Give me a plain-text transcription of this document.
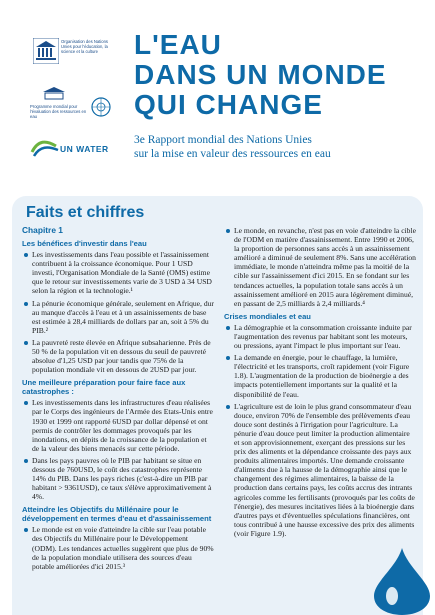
Organisation des Nations Unies pour l'éducation, la science et la culture
Programme mondial pour l'évaluation des ressources en eau
UN WATER
L'EAU
DANS UN MONDE
QUI CHANGE
3e Rapport mondial des Nations Unies
sur la mise en valeur des ressources en eau
Faits et chiffres
Chapitre 1
Les bénéfices d'investir dans l'eau
Les investissements dans l'eau possible et l'assainissement contribuent à la croissance économique. Pour 1 USD investi, l'Organisation Mondiale de la Santé (OMS) estime que le retour sur investissements varie de 3 USD à 34 USD selon la région et la technologie.¹
La pénurie économique générale, seulement en Afrique, dur au manque d'accès à l'eau et à un assainissements de base est estimée à 28,4 milliards de dollars par an, soit à 5% du PIB.²
La pauvreté reste élevée en Afrique subsaharienne. Près de 50 % de la population vit en dessous du seuil de pauvreté absolue d'1,25 USD par jour tandis que 75% de la population mondiale vit en dessous de 2USD par jour.
Une meilleure préparation pour faire face aux catastrophes :
Les investissements dans les infrastructures d'eau réalisées par le Corps des ingénieurs de l'Armée des Etats-Unis entre 1930 et 1999 ont rapporté 6USD par dollar dépensé et ont permis de contrôler les dommages provoqués par les inondations, en dépits de la croissance de la population et de la valeur des biens menacés sur cette période.
Dans les pays pauvres où le PIB par habitant se situe en dessous de 760USD, le coût des catastrophes représente 14% du PIB. Dans les pays riches (c'est-à-dire un PIB par habitant > 9361USD), ce taux s'élève approximativement à 4%.
Atteindre les Objectifs du Millénaire pour le développement en termes d'eau et d'assainissement
Le monde est en voie d'atteindre la cible sur l'eau potable des Objectifs du Millénaire pour le Développement (ODM). Les tendances actuelles suggèrent que plus de 90% de la population mondiale utilisera des sources d'eau potable améliorées d'ici 2015.³
Le monde, en revanche, n'est pas en voie d'atteindre la cible de l'ODM en matière d'assainissement. Entre 1990 et 2006, la proportion de personnes sans accès à un assainissement amélioré a diminué de seulement 8%. Sans une accélération immédiate, le monde n'atteindra même pas la moitié de la cible sur l'assainissement d'ici 2015. En se fondant sur les tendances actuelles, la population totale sans accès à un assainissement amélioré en 2015 aura légèrement diminué, en passant de 2,5 milliards à 2,4 milliards.⁴
Crises mondiales et eau
La démographie et la consommation croissante induite par l'augmentation des revenus par habitant sont les moteurs, ou pressions, ayant l'impact le plus important sur l'eau.
La demande en énergie, pour le chauffage, la lumière, l'électricité et les transports, croît rapidement (voir Figure 1.8). L'augmentation de la production de bioénergie a des impacts potentiellement importants sur la qualité et la disponibilité de l'eau.
L'agriculture est de loin le plus grand consommateur d'eau douce, environ 70% de l'ensemble des prélèvements d'eau douce sont destinés à l'irrigation pour l'agriculture. La pénurie d'eau douce peut limiter la production alimentaire et son approvisionnement, exerçant des pressions sur les prix des aliments et la dépendance croissante des pays aux produits alimentaires importés. Une demande croissante d'aliments due à la hausse de la démographie ainsi que le changement des régimes alimentaires, la baisse de la production dans certains pays, les coûts accrus des intrants agricoles comme les fertilisants (provoqués par les coûts de l'énergie), des mesures incitatives liées à la bioénergie dans d'autres pays et d'éventuelles spéculations financières, ont tous contribué à une hausse excessive des prix des aliments (voir Figure 1.9).
